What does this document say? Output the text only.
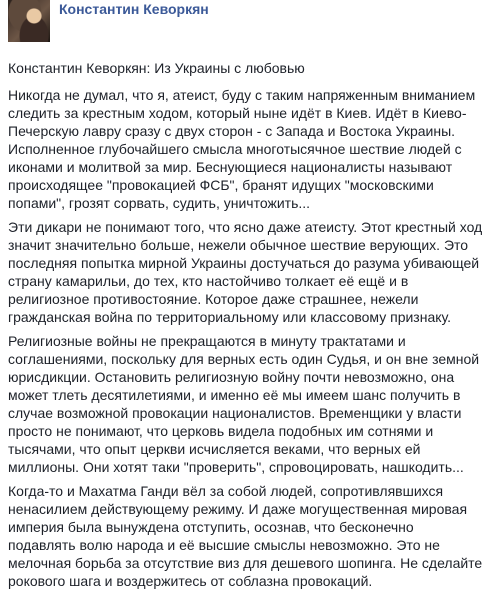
Константин Кеворкян
Константин Кеворкян: Из Украины с любовью

Никогда не думал, что я, атеист, буду с таким напряженным вниманием следить за крестным ходом, который ныне идёт в Киев. Идёт в Киево-Печерскую лавру сразу с двух сторон - с Запада и Востока Украины. Исполненное глубочайшего смысла многотысячное шествие людей с иконами и молитвой за мир. Беснующиеся националисты называют происходящее "провокацией ФСБ", бранят идущих "московскими попами", грозят сорвать, судить, уничтожить...

Эти дикари не понимают того, что ясно даже атеисту. Этот крестный ход значит значительно больше, нежели обычное шествие верующих. Это последняя попытка мирной Украины достучаться до разума убивающей страну камарильи, до тех, кто настойчиво толкает её ещё и в религиозное противостояние. Которое даже страшнее, нежели гражданская война по территориальному или классовому признаку.

Религиозные войны не прекращаются в минуту трактатами и соглашениями, поскольку для верных есть один Судья, и он вне земной юрисдикции. Остановить религиозную войну почти невозможно, она может тлеть десятилетиями, и именно её мы имеем шанс получить в случае возможной провокации националистов. Временщики у власти просто не понимают, что церковь видела подобных им сотнями и тысячами, что опыт церкви исчисляется веками, что верных ей миллионы. Они хотят таки "проверить", спровоцировать, нашкодить...

Когда-то и Махатма Ганди вёл за собой людей, сопротивлявшихся ненасилием действующему режиму. И даже могущественная мировая империя была вынуждена отступить, осознав, что бесконечно подавлять волю народа и её высшие смыслы невозможно. Это не мелочная борьба за отсутствие виз для дешевого шопинга. Не сделайте рокового шага и воздержитесь от соблазна провокаций.
